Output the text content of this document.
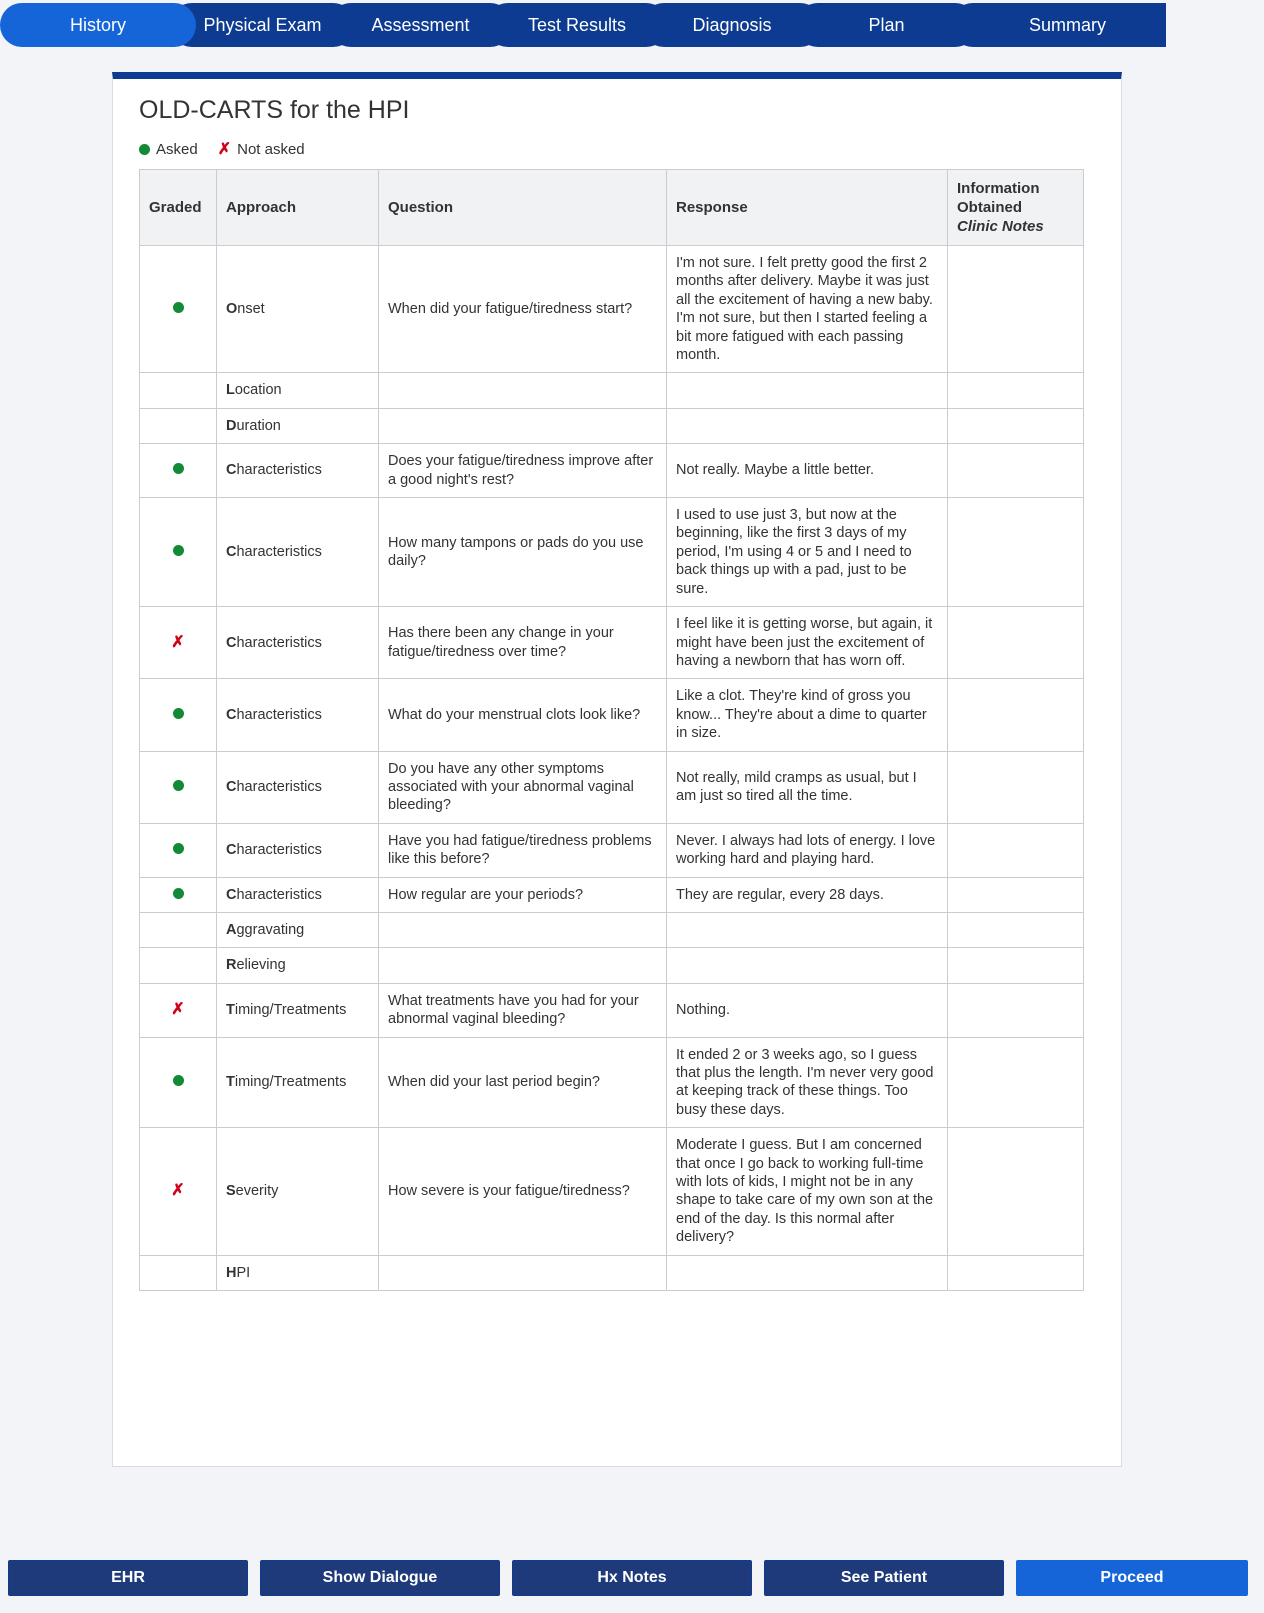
History	Physical Exam	Assessment	Test Results	Diagnosis	Plan	Summary
OLD-CARTS for the HPI
Asked ✗ Not asked
Graded	Approach	Question	Response	Information
Obtained
Clinic Notes

	Onset	When did your fatigue/tiredness start?	I'm not sure. I felt pretty good the first 2 months after delivery. Maybe it was just all the excitement of having a new baby. I'm not sure, but then I started feeling a bit more fatigued with each passing month.	
	Location			
	Duration			
	Characteristics	Does your fatigue/tiredness improve after a good night's rest?	Not really. Maybe a little better.	
	Characteristics	How many tampons or pads do you use daily?	I used to use just 3, but now at the beginning, like the first 3 days of my period, I'm using 4 or 5 and I need to back things up with a pad, just to be sure.	
✗	Characteristics	Has there been any change in your fatigue/tiredness over time?	I feel like it is getting worse, but again, it might have been just the excitement of having a newborn that has worn off.	
	Characteristics	What do your menstrual clots look like?	Like a clot. They're kind of gross you know... They're about a dime to quarter in size.	
	Characteristics	Do you have any other symptoms associated with your abnormal vaginal bleeding?	Not really, mild cramps as usual, but I am just so tired all the time.	
	Characteristics	Have you had fatigue/tiredness problems like this before?	Never. I always had lots of energy. I love working hard and playing hard.	
	Characteristics	How regular are your periods?	They are regular, every 28 days.	
	Aggravating			
	Relieving			
✗	Timing/Treatments	What treatments have you had for your abnormal vaginal bleeding?	Nothing.	
	Timing/Treatments	When did your last period begin?	It ended 2 or 3 weeks ago, so I guess that plus the length. I'm never very good at keeping track of these things. Too busy these days.	
✗	Severity	How severe is your fatigue/tiredness?	Moderate I guess. But I am concerned that once I go back to working full-time with lots of kids, I might not be in any shape to take care of my own son at the end of the day. Is this normal after delivery?	
	HPI			
EHR	Show Dialogue	Hx Notes	See Patient	Proceed
